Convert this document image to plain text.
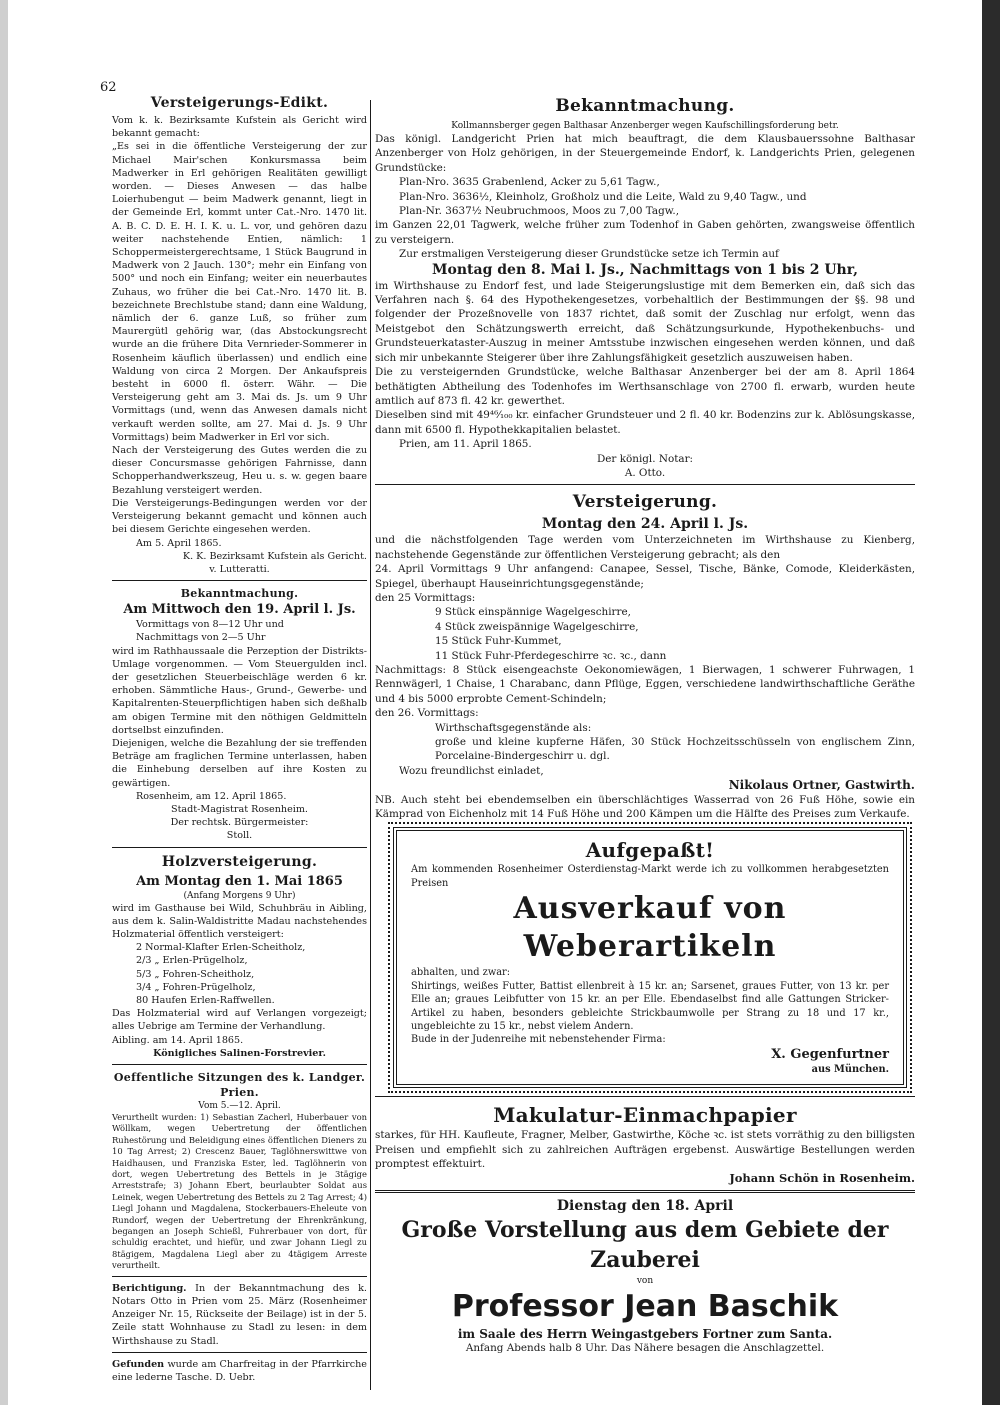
62
Versteigerungs-Edikt.

Vom k. k. Bezirksamte Kufstein als Gericht wird bekannt gemacht:

„Es sei in die öffentliche Versteigerung der zur Michael Mair'schen Konkursmassa beim Madwerker in Erl gehörigen Realitäten gewilligt worden. — Dieses Anwesen — das halbe Loierhubengut — beim Madwerk genannt, liegt in der Gemeinde Erl, kommt unter Cat.-Nro. 1470 lit. A. B. C. D. E. H. I. K. u. L. vor, und gehören dazu weiter nachstehende Entien, nämlich: 1 Schoppermeistergerechtsame, 1 Stück Baugrund in Madwerk von 2 Jauch. 130°; mehr ein Einfang von 500° und noch ein Einfang; weiter ein neuerbautes Zuhaus, wo früher die bei Cat.-Nro. 1470 lit. B. bezeichnete Brechlstube stand; dann eine Waldung, nämlich der 6. ganze Luß, so früher zum Maurergütl gehörig war, (das Abstockungsrecht wurde an die frühere Dita Vernrieder-Sommerer in Rosenheim käuflich überlassen) und endlich eine Waldung von circa 2 Morgen. Der Ankaufspreis besteht in 6000 fl. österr. Währ. — Die Versteigerung geht am 3. Mai ds. Js. um 9 Uhr Vormittags (und, wenn das Anwesen damals nicht verkauft werden sollte, am 27. Mai d. Js. 9 Uhr Vormittags) beim Madwerker in Erl vor sich.

Nach der Versteigerung des Gutes werden die zu dieser Concursmasse gehörigen Fahrnisse, dann Schopperhandwerkszeug, Heu u. s. w. gegen baare Bezahlung versteigert werden.

Die Versteigerungs-Bedingungen werden vor der Versteigerung bekannt gemacht und können auch bei diesem Gerichte eingesehen werden.

Am 5. April 1865.

K. K. Bezirksamt Kufstein als Gericht.

v. Lutteratti.

Bekanntmachung.
Am Mittwoch den 19. April l. Js.

Vormittags von 8—12 Uhr und

Nachmittags von 2—5 Uhr

wird im Rathhaussaale die Perzeption der Distrikts-Umlage vorgenommen. — Vom Steuergulden incl. der gesetzlichen Steuerbeischläge werden 6 kr. erhoben. Sämmtliche Haus-, Grund-, Gewerbe- und Kapitalrenten-Steuerpflichtigen haben sich deßhalb am obigen Termine mit den nöthigen Geldmitteln dortselbst einzufinden.

Diejenigen, welche die Bezahlung der sie treffenden Beträge am fraglichen Termine unterlassen, haben die Einhebung derselben auf ihre Kosten zu gewärtigen.

Rosenheim, am 12. April 1865.

Stadt-Magistrat Rosenheim.

Der rechtsk. Bürgermeister:

Stoll.

Holzversteigerung.
Am Montag den 1. Mai 1865
(Anfang Morgens 9 Uhr)

wird im Gasthause bei Wild, Schuhbräu in Aibling, aus dem k. Salin-Waldistritte Madau nachstehendes Holzmaterial öffentlich versteigert:

2 Normal-Klafter Erlen-Scheitholz,

2/3 „ Erlen-Prügelholz,

5/3 „ Fohren-Scheitholz,

3/4 „ Fohren-Prügelholz,

80 Haufen Erlen-Raffwellen.

Das Holzmaterial wird auf Verlangen vorgezeigt; alles Uebrige am Termine der Verhandlung.

Aibling. am 14. April 1865.

Königliches Salinen-Forstrevier.

Oeffentliche Sitzungen des k. Landger. Prien.
Vom 5.—12. April.

Verurtheilt wurden: 1) Sebastian Zacherl, Huberbauer von Wöllkam, wegen Uebertretung der öffentlichen Ruhestörung und Beleidigung eines öffentlichen Dieners zu 10 Tag Arrest; 2) Crescenz Bauer, Taglöhnerswittwe von Haidhausen, und Franziska Ester, led. Taglöhnerin von dort, wegen Uebertretung des Bettels in je 3tägige Arreststrafe; 3) Johann Ebert, beurlaubter Soldat aus Leinek, wegen Uebertretung des Bettels zu 2 Tag Arrest; 4) Liegl Johann und Magdalena, Stockerbauers-Eheleute von Rundorf, wegen der Uebertretung der Ehrenkränkung, begangen an Joseph Schießl, Fuhrerbauer von dort, für schuldig erachtet, und hiefür, und zwar Johann Liegl zu 8tägigem, Magdalena Liegl aber zu 4tägigem Arreste verurtheilt.

Berichtigung. In der Bekanntmachung des k. Notars Otto in Prien vom 25. März (Rosenheimer Anzeiger Nr. 15, Rückseite der Beilage) ist in der 5. Zeile statt Wohnhause zu Stadl zu lesen: in dem Wirthshause zu Stadl.

Gefunden wurde am Charfreitag in der Pfarrkirche eine lederne Tasche. D. Uebr.

Bekanntmachung.
Kollmannsberger gegen Balthasar Anzenberger wegen Kaufschillingsforderung betr.

Das königl. Landgericht Prien hat mich beauftragt, die dem Klausbauerssohne Balthasar Anzenberger von Holz gehörigen, in der Steuergemeinde Endorf, k. Landgerichts Prien, gelegenen Grundstücke:

Plan-Nro. 3635 Grabenlend, Acker zu 5,61 Tagw.,

Plan-Nro. 3636½, Kleinholz, Großholz und die Leite, Wald zu 9,40 Tagw., und

Plan-Nr. 3637½ Neubruchmoos, Moos zu 7,00 Tagw.,

im Ganzen 22,01 Tagwerk, welche früher zum Todenhof in Gaben gehörten, zwangsweise öffentlich zu versteigern.

Zur erstmaligen Versteigerung dieser Grundstücke setze ich Termin auf

Montag den 8. Mai l. Js., Nachmittags von 1 bis 2 Uhr,

im Wirthshause zu Endorf fest, und lade Steigerungslustige mit dem Bemerken ein, daß sich das Verfahren nach §. 64 des Hypothekengesetzes, vorbehaltlich der Bestimmungen der §§. 98 und folgender der Prozeßnovelle von 1837 richtet, daß somit der Zuschlag nur erfolgt, wenn das Meistgebot den Schätzungswerth erreicht, daß Schätzungsurkunde, Hypothekenbuchs- und Grundsteuerkataster-Auszug in meiner Amtsstube inzwischen eingesehen werden können, und daß sich mir unbekannte Steigerer über ihre Zahlungsfähigkeit gesetzlich auszuweisen haben.

Die zu versteigernden Grundstücke, welche Balthasar Anzenberger bei der am 8. April 1864 bethätigten Abtheilung des Todenhofes im Werthsanschlage von 2700 fl. erwarb, wurden heute amtlich auf 873 fl. 42 kr. gewerthet.

Dieselben sind mit 49⁴⁶⁄₁₀₀ kr. einfacher Grundsteuer und 2 fl. 40 kr. Bodenzins zur k. Ablösungskasse, dann mit 6500 fl. Hypothekkapitalien belastet.

Prien, am 11. April 1865.

Der königl. Notar:

A. Otto.

Versteigerung.
Montag den 24. April l. Js.

und die nächstfolgenden Tage werden vom Unterzeichneten im Wirthshause zu Kienberg, nachstehende Gegenstände zur öffentlichen Versteigerung gebracht; als den

24. April Vormittags 9 Uhr anfangend: Canapee, Sessel, Tische, Bänke, Comode, Kleiderkästen, Spiegel, überhaupt Hauseinrichtungsgegenstände;

den 25 Vormittags:

9 Stück einspännige Wagelgeschirre,

4 Stück zweispännige Wagelgeschirre,

15 Stück Fuhr-Kummet,

11 Stück Fuhr-Pferdegeschirre ꝛc. ꝛc., dann

Nachmittags: 8 Stück eisengeachste Oekonomiewägen, 1 Bierwagen, 1 schwerer Fuhrwagen, 1 Rennwägerl, 1 Chaise, 1 Charabanc, dann Pflüge, Eggen, verschiedene landwirthschaftliche Geräthe und 4 bis 5000 erprobte Cement-Schindeln;

den 26. Vormittags:

Wirthschaftsgegenstände als:

große und kleine kupferne Häfen, 30 Stück Hochzeitsschüsseln von englischem Zinn, Porcelaine-Bindergeschirr u. dgl.

Wozu freundlichst einladet,

Nikolaus Ortner, Gastwirth.

NB. Auch steht bei ebendemselben ein überschlächtiges Wasserrad von 26 Fuß Höhe, sowie ein Kämprad von Eichenholz mit 14 Fuß Höhe und 200 Kämpen um die Hälfte des Preises zum Verkaufe.

Aufgepaßt!

Am kommenden Rosenheimer Osterdienstag-Markt werde ich zu vollkommen herabgesetzten Preisen

Ausverkauf von Weberartikeln

abhalten, und zwar:

Shirtings, weißes Futter, Battist ellenbreit à 15 kr. an; Sarsenet, graues Futter, von 13 kr. per Elle an; graues Leibfutter von 15 kr. an per Elle. Ebendaselbst find alle Gattungen Stricker-Artikel zu haben, besonders gebleichte Strickbaumwolle per Strang zu 18 und 17 kr., ungebleichte zu 15 kr., nebst vielem Andern.

Bude in der Judenreihe mit nebenstehender Firma:

X. Gegenfurtner

aus München.

Makulatur-Einmachpapier

starkes, für HH. Kaufleute, Fragner, Melber, Gastwirthe, Köche ꝛc. ist stets vorräthig zu den billigsten Preisen und empfiehlt sich zu zahlreichen Aufträgen ergebenst. Auswärtige Bestellungen werden promptest effektuirt.

Johann Schön in Rosenheim.

Dienstag den 18. April
Große Vorstellung aus dem Gebiete der Zauberei
von
Professor Jean Baschik

im Saale des Herrn Weingastgebers Fortner zum Santa.

Anfang Abends halb 8 Uhr. Das Nähere besagen die Anschlagzettel.
